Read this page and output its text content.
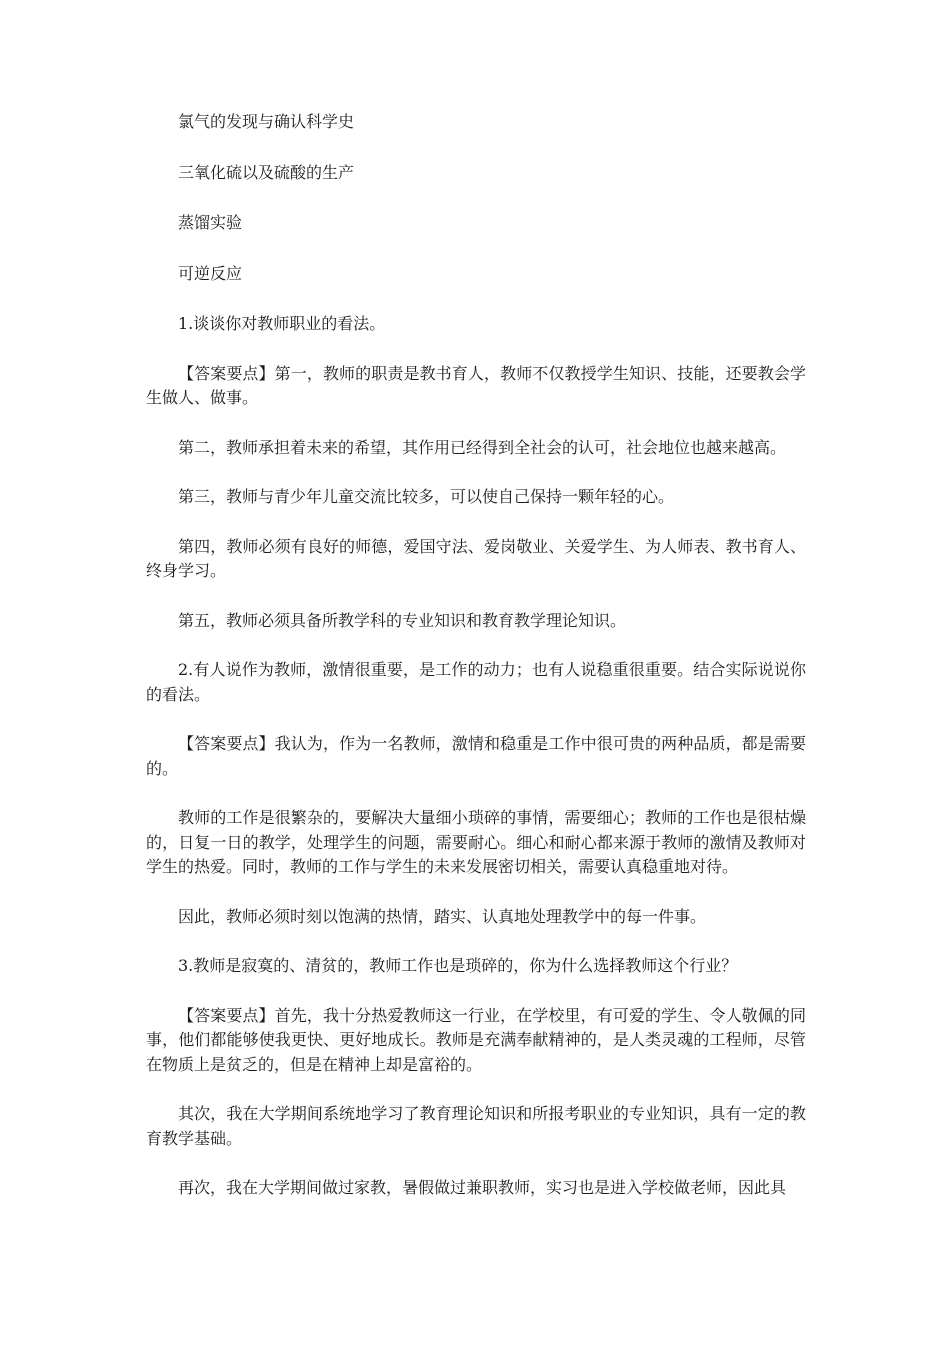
氯气的发现与确认科学史

三氧化硫以及硫酸的生产

蒸馏实验

可逆反应

1.谈谈你对教师职业的看法。

【答案要点】第一，教师的职责是教书育人，教师不仅教授学生知识、技能，还要教会学生做人、做事。

第二，教师承担着未来的希望，其作用已经得到全社会的认可，社会地位也越来越高。

第三，教师与青少年儿童交流比较多，可以使自己保持一颗年轻的心。

第四，教师必须有良好的师德，爱国守法、爱岗敬业、关爱学生、为人师表、教书育人、终身学习。

第五，教师必须具备所教学科的专业知识和教育教学理论知识。

2.有人说作为教师，激情很重要，是工作的动力；也有人说稳重很重要。结合实际说说你的看法。

【答案要点】我认为，作为一名教师，激情和稳重是工作中很可贵的两种品质，都是需要的。

教师的工作是很繁杂的，要解决大量细小琐碎的事情，需要细心；教师的工作也是很枯燥的，日复一日的教学，处理学生的问题，需要耐心。细心和耐心都来源于教师的激情及教师对学生的热爱。同时，教师的工作与学生的未来发展密切相关，需要认真稳重地对待。

因此，教师必须时刻以饱满的热情，踏实、认真地处理教学中的每一件事。

3.教师是寂寞的、清贫的，教师工作也是琐碎的，你为什么选择教师这个行业？

【答案要点】首先，我十分热爱教师这一行业，在学校里，有可爱的学生、令人敬佩的同事，他们都能够使我更快、更好地成长。教师是充满奉献精神的，是人类灵魂的工程师，尽管在物质上是贫乏的，但是在精神上却是富裕的。

其次，我在大学期间系统地学习了教育理论知识和所报考职业的专业知识，具有一定的教育教学基础。

再次，我在大学期间做过家教，暑假做过兼职教师，实习也是进入学校做老师，因此具
